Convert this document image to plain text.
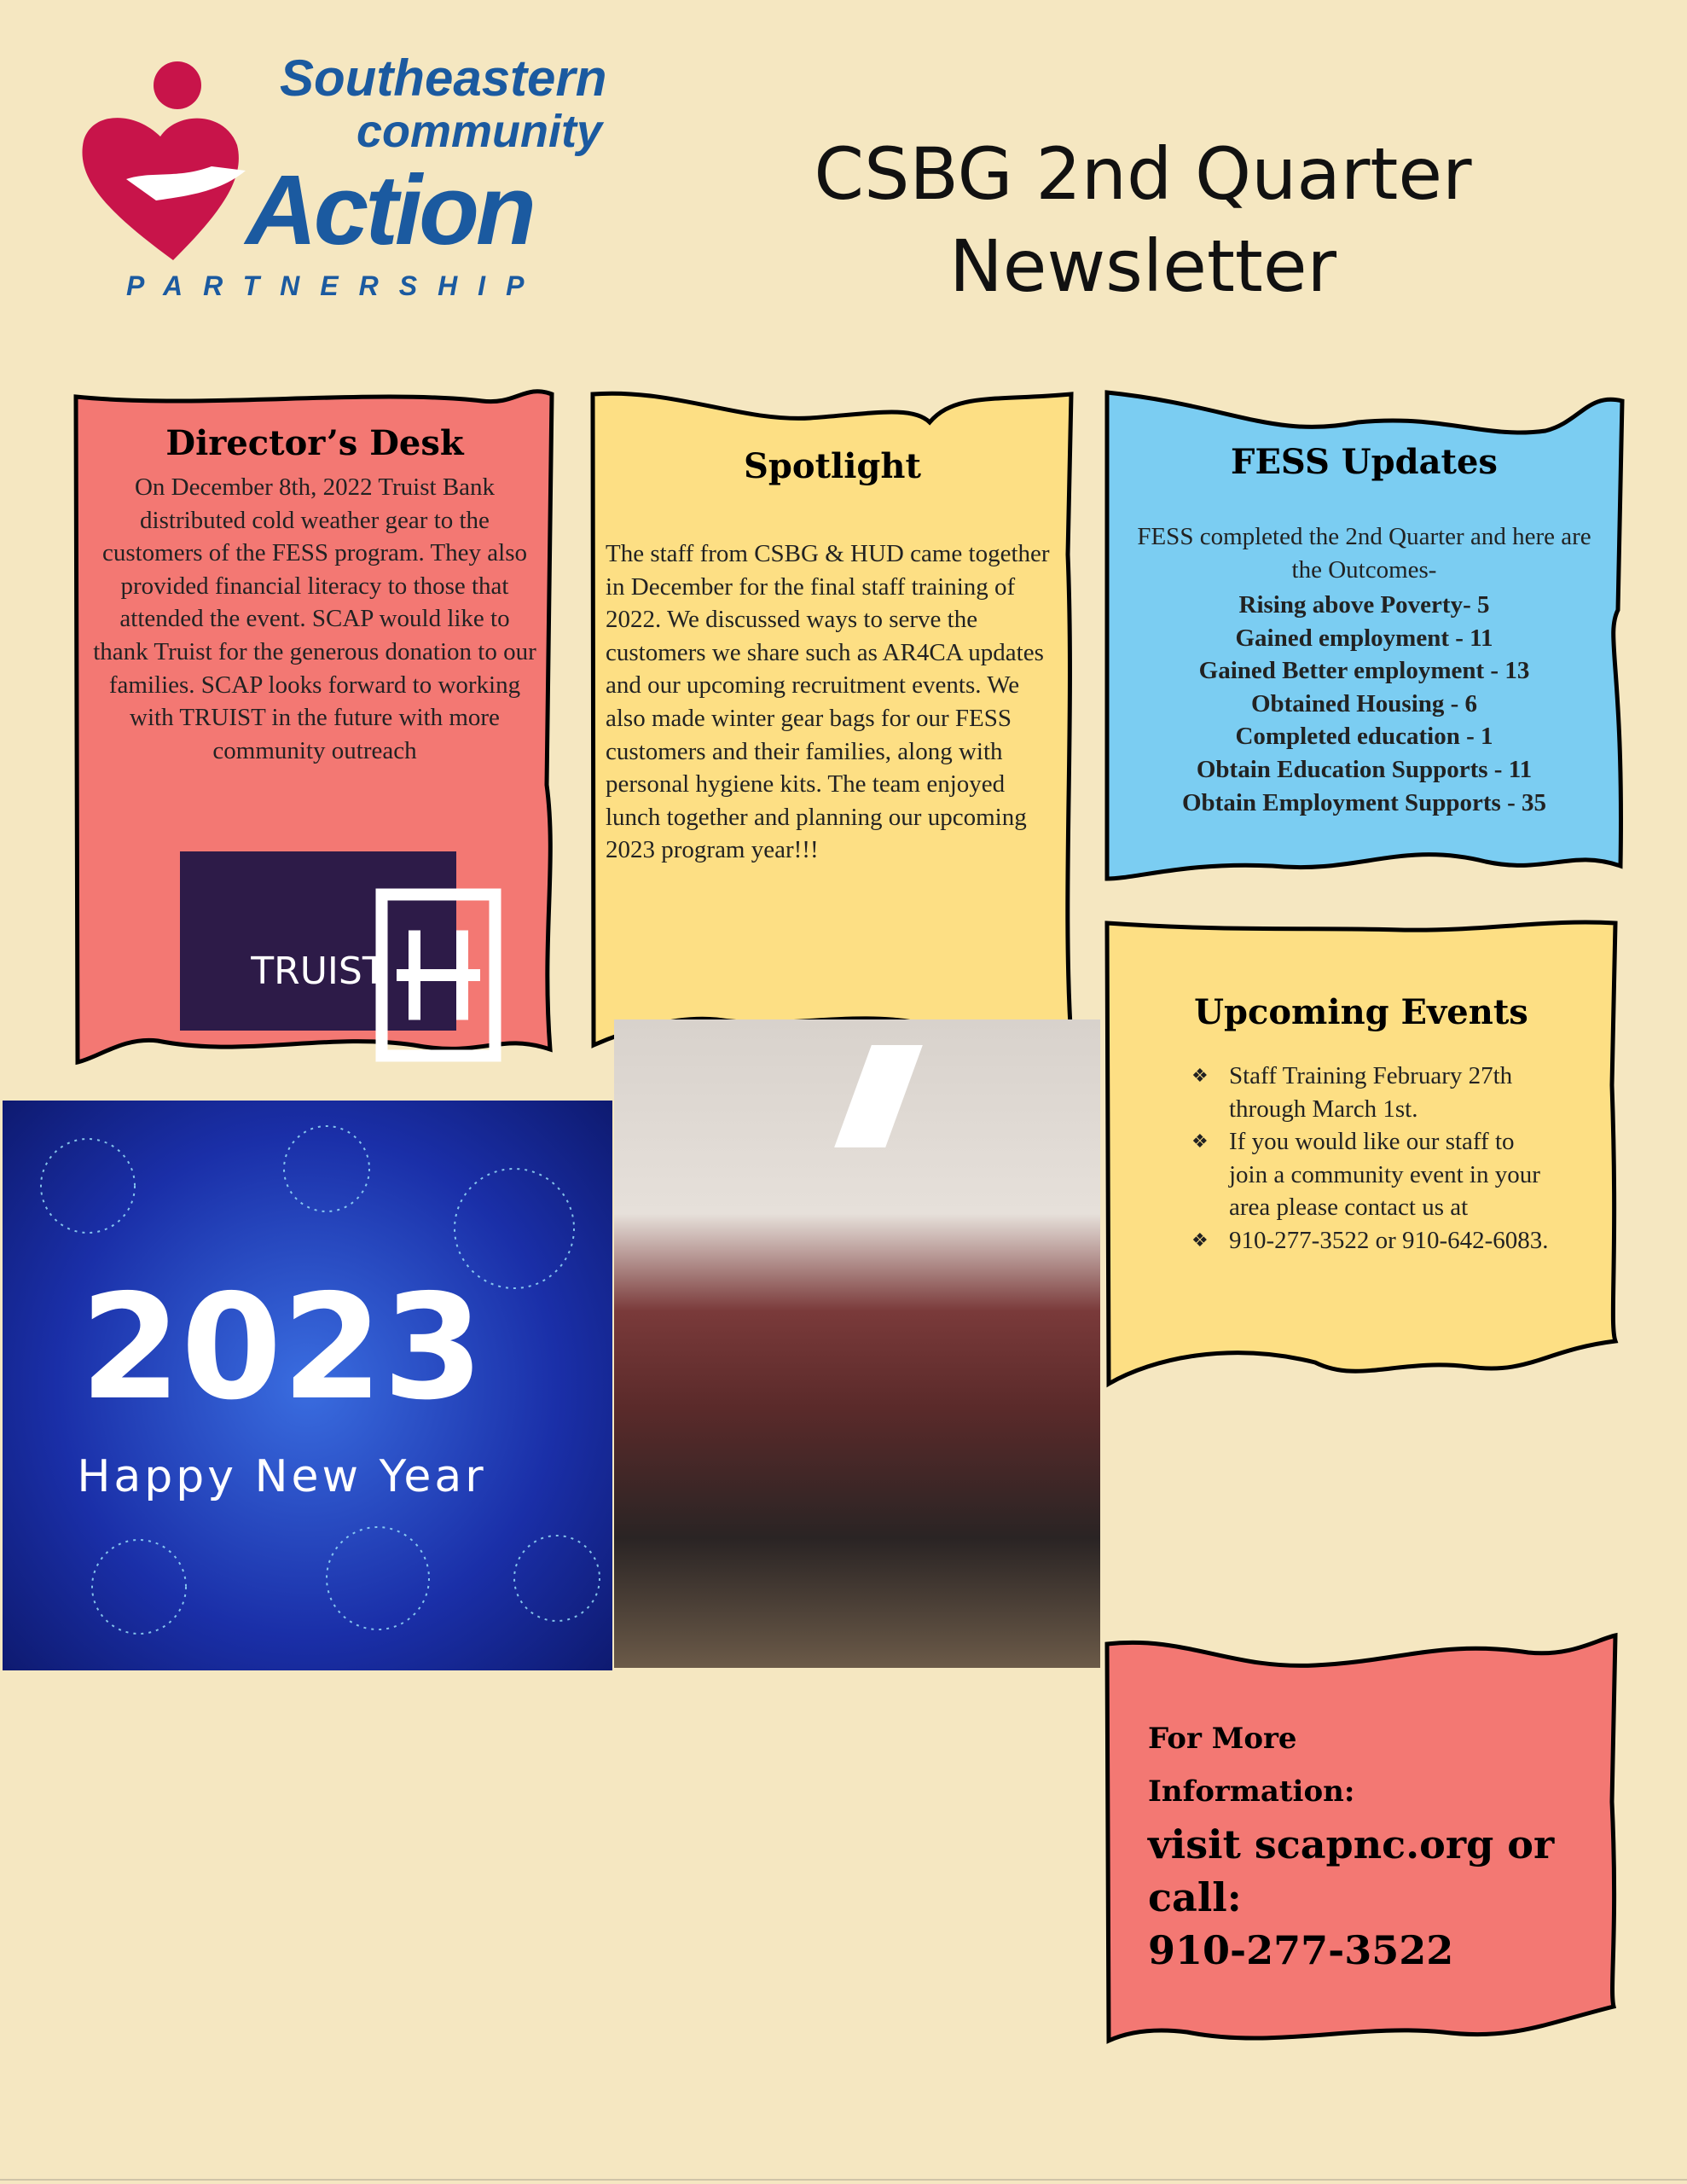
Southeastern
community
Action
PARTNERSHIP
CSBG 2nd Quarter
Newsletter
Director’s Desk
On December 8th, 2022 Truist Bank distributed cold weather gear to the customers of the FESS program. They also provided financial literacy to those that attended the event. SCAP would like to thank Truist for the generous donation to our families. SCAP looks forward to working with TRUIST in the future with more community outreach
TRUIST
Spotlight
The staff from CSBG & HUD came together in December for the final staff training of 2022. We discussed ways to serve the customers we share such as AR4CA updates and our upcoming recruitment events. We also made winter gear bags for our FESS customers and their families, along with personal hygiene kits. The team enjoyed lunch together and planning our upcoming 2023 program year!!!
FESS Updates
FESS completed the 2nd Quarter and here are the Outcomes-
Rising above Poverty- 5
Gained employment - 11
Gained Better employment - 13
Obtained Housing - 6
Completed education - 1
Obtain Education Supports - 11
Obtain Employment Supports - 35
Upcoming Events
❖ Staff Training February 27th through March 1st.
❖ If you would like our staff to join a community event in your area please contact us at
❖ 910-277-3522 or 910-642-6083.
2023
Happy New Year
For More
Information:
visit scapnc.org or call:
910-277-3522
